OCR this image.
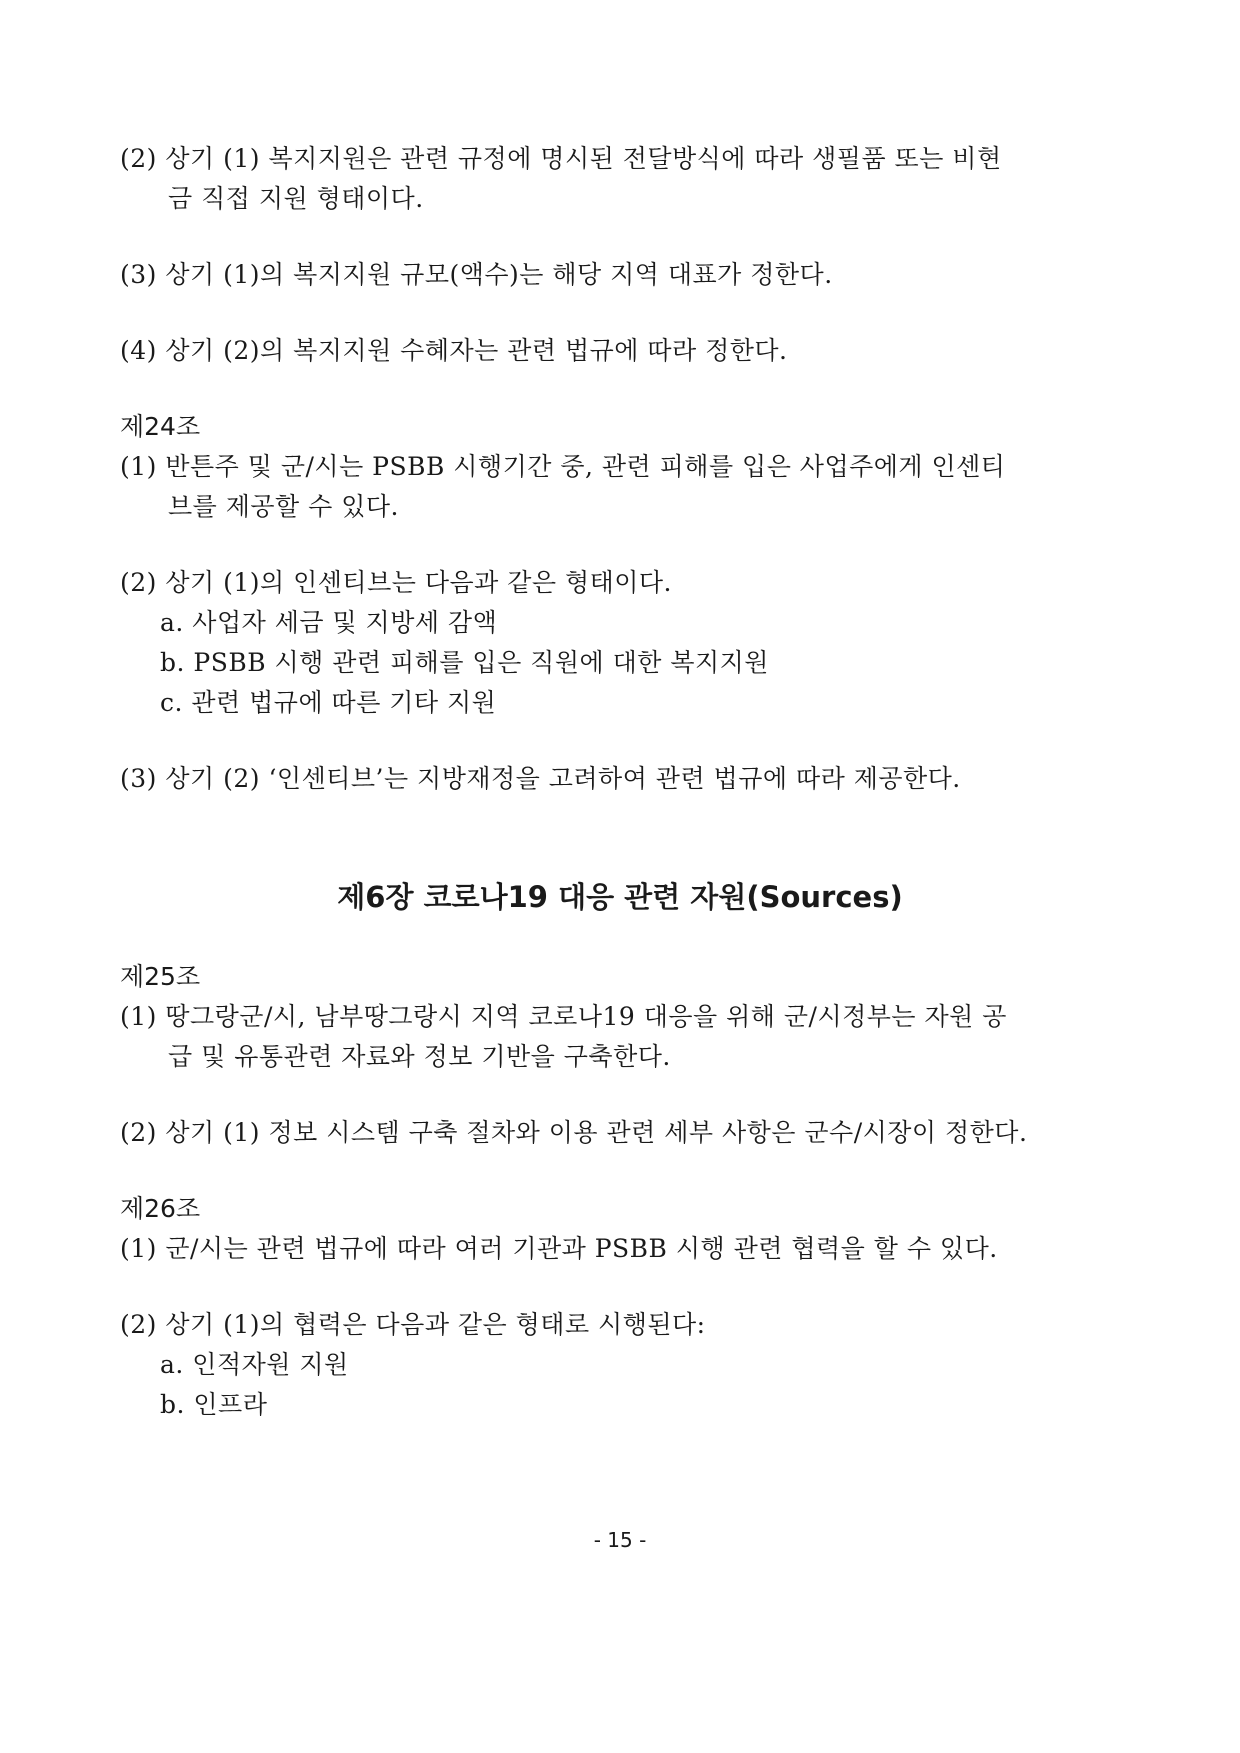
(2) 상기 (1) 복지지원은 관련 규정에 명시된 전달방식에 따라 생필품 또는 비현
금 직접 지원 형태이다.
(3) 상기 (1)의 복지지원 규모(액수)는 해당 지역 대표가 정한다.
(4) 상기 (2)의 복지지원 수혜자는 관련 법규에 따라 정한다.
제24조
(1) 반튼주 및 군/시는 PSBB 시행기간 중, 관련 피해를 입은 사업주에게 인센티
브를 제공할 수 있다.
(2) 상기 (1)의 인센티브는 다음과 같은 형태이다.
a. 사업자 세금 및 지방세 감액
b. PSBB 시행 관련 피해를 입은 직원에 대한 복지지원
c. 관련 법규에 따른 기타 지원
(3) 상기 (2) ‘인센티브’는 지방재정을 고려하여 관련 법규에 따라 제공한다.
제6장 코로나19 대응 관련 자원(Sources)
제25조
(1) 땅그랑군/시, 남부땅그랑시 지역 코로나19 대응을 위해 군/시정부는 자원 공
급 및 유통관련 자료와 정보 기반을 구축한다.
(2) 상기 (1) 정보 시스템 구축 절차와 이용 관련 세부 사항은 군수/시장이 정한다.
제26조
(1) 군/시는 관련 법규에 따라 여러 기관과 PSBB 시행 관련 협력을 할 수 있다.
(2) 상기 (1)의 협력은 다음과 같은 형태로 시행된다:
a. 인적자원 지원
b. 인프라
- 15 -
